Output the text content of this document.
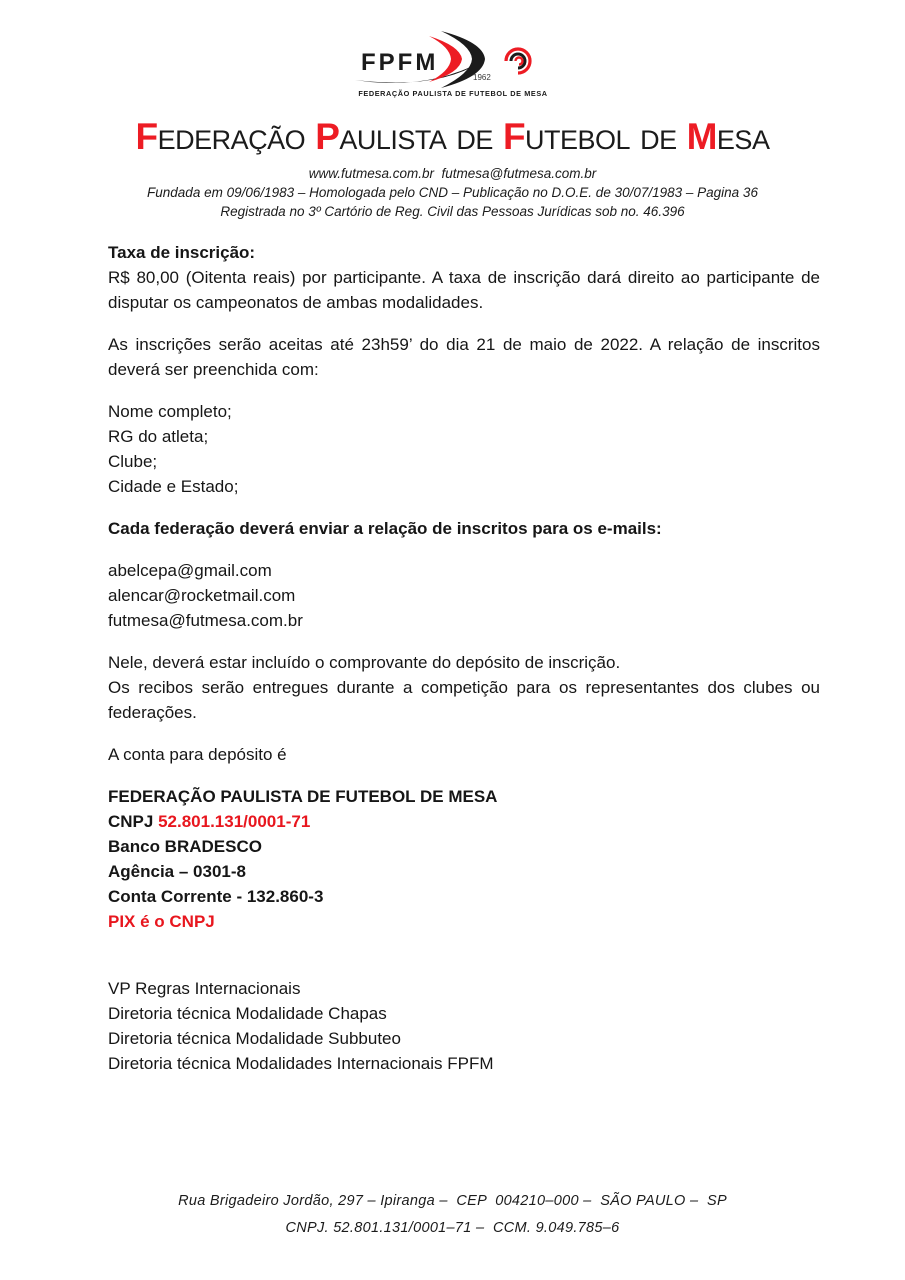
FPFM
1962
FEDERAÇÃO PAULISTA DE FUTEBOL DE MESA
FEDERAÇÃO PAULISTA DE FUTEBOL DE MESA
www.futmesa.com.br  futmesa@futmesa.com.br
Fundada em 09/06/1983 – Homologada pelo CND – Publicação no D.O.E. de 30/07/1983 – Pagina 36
Registrada no 3º Cartório de Reg. Civil das Pessoas Jurídicas sob no. 46.396
Taxa de inscrição:
R$ 80,00 (Oitenta reais) por participante. A taxa de inscrição dará direito ao participante de disputar os campeonatos de ambas modalidades.
As inscrições serão aceitas até 23h59’ do dia 21 de maio de 2022. A relação de inscritos deverá ser preenchida com:
Nome completo;
RG do atleta;
Clube;
Cidade e Estado;
Cada federação deverá enviar a relação de inscritos para os e-mails:
abelcepa@gmail.com
alencar@rocketmail.com
futmesa@futmesa.com.br
Nele, deverá estar incluído o comprovante do depósito de inscrição.
Os recibos serão entregues durante a competição para os representantes dos clubes ou federações.
A conta para depósito é
FEDERAÇÃO PAULISTA DE FUTEBOL DE MESA
CNPJ 52.801.131/0001-71
Banco BRADESCO
Agência – 0301-8
Conta Corrente - 132.860-3
PIX é o CNPJ
VP Regras Internacionais
Diretoria técnica Modalidade Chapas
Diretoria técnica Modalidade Subbuteo
Diretoria técnica Modalidades Internacionais FPFM
Rua Brigadeiro Jordão, 297 – Ipiranga –  CEP  004210–000 –  SÃO PAULO –  SP
CNPJ. 52.801.131/0001–71 –  CCM. 9.049.785–6
